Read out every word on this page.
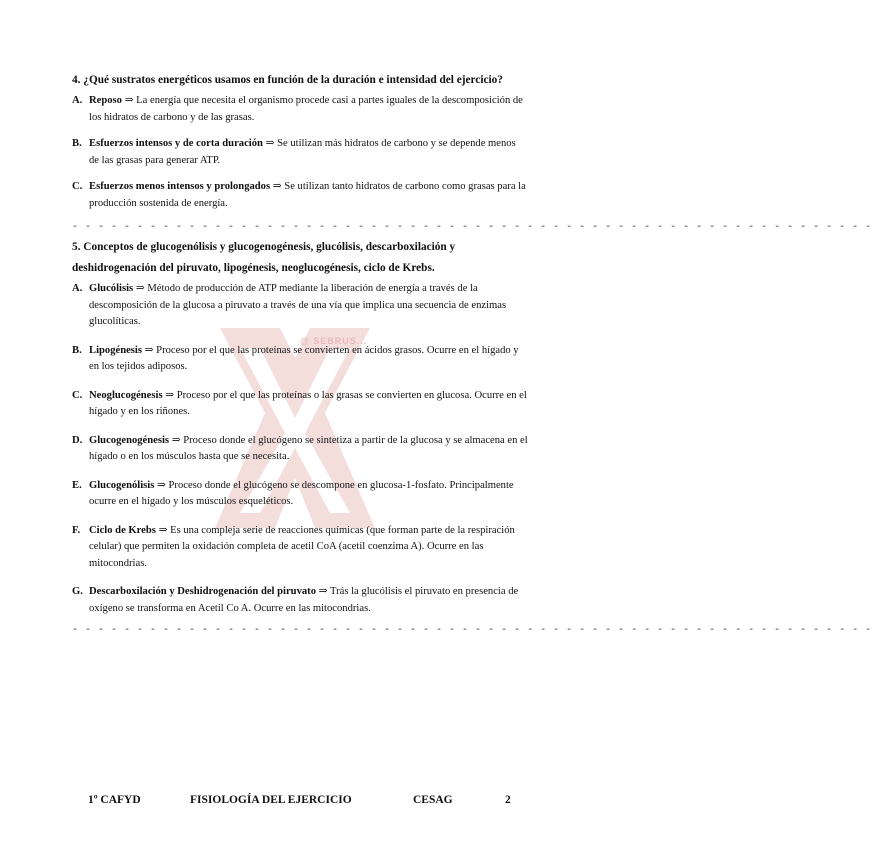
@ SEBRUS...

4. ¿Qué sustratos energéticos usamos en función de la duración e intensidad del ejercicio?

A. Reposo ⇒ La energía que necesita el organismo procede casi a partes iguales de la descomposición de los hidratos de carbono y de las grasas.
B. Esfuerzos intensos y de corta duración ⇒ Se utilizan más hidratos de carbono y se depende menos de las grasas para generar ATP.
C. Esfuerzos menos intensos y prolongados ⇒ Se utilizan tanto hidratos de carbono como grasas para la producción sostenida de energía.
- - - - - - - - - - - - - - - - - - - - - - - - - - - - - - - - - - - - - - - - - - - - - - - - - - - - - - - - - - - - - -

5. Conceptos de glucogenólisis y glucogenogénesis, glucólisis, descarboxilación y deshidrogenación del piruvato, lipogénesis, neoglucogénesis, ciclo de Krebs.

A. Glucólisis ⇒ Método de producción de ATP mediante la liberación de energía a través de la descomposición de la glucosa a piruvato a través de una vía que implica una secuencia de enzimas glucolíticas.
B. Lipogénesis ⇒ Proceso por el que las proteínas se convierten en ácidos grasos. Ocurre en el hígado y en los tejidos adiposos.
C. Neoglucogénesis ⇒ Proceso por el que las proteínas o las grasas se convierten en glucosa. Ocurre en el hígado y en los riñones.
D. Glucogenogénesis ⇒ Proceso donde el glucógeno se sintetiza a partir de la glucosa y se almacena en el hígado o en los músculos hasta que se necesita.
E. Glucogenólisis ⇒ Proceso donde el glucógeno se descompone en glucosa-1-fosfato. Principalmente ocurre en el hígado y los músculos esqueléticos.
F. Ciclo de Krebs ⇒ Es una compleja serie de reacciones químicas (que forman parte de la respiración celular) que permiten la oxidación completa de acetil CoA (acetil coenzima A). Ocurre en las mitocondrias.
G. Descarboxilación y Deshidrogenación del piruvato ⇒ Trás la glucólisis el piruvato en presencia de oxígeno se transforma en Acetil Co A. Ocurre en las mitocondrias.
- - - - - - - - - - - - - - - - - - - - - - - - - - - - - - - - - - - - - - - - - - - - - - - - - - - - - - - - - - - - - -
1º CAFYD	FISIOLOGÍA DEL EJERCICIO	CESAG	2
